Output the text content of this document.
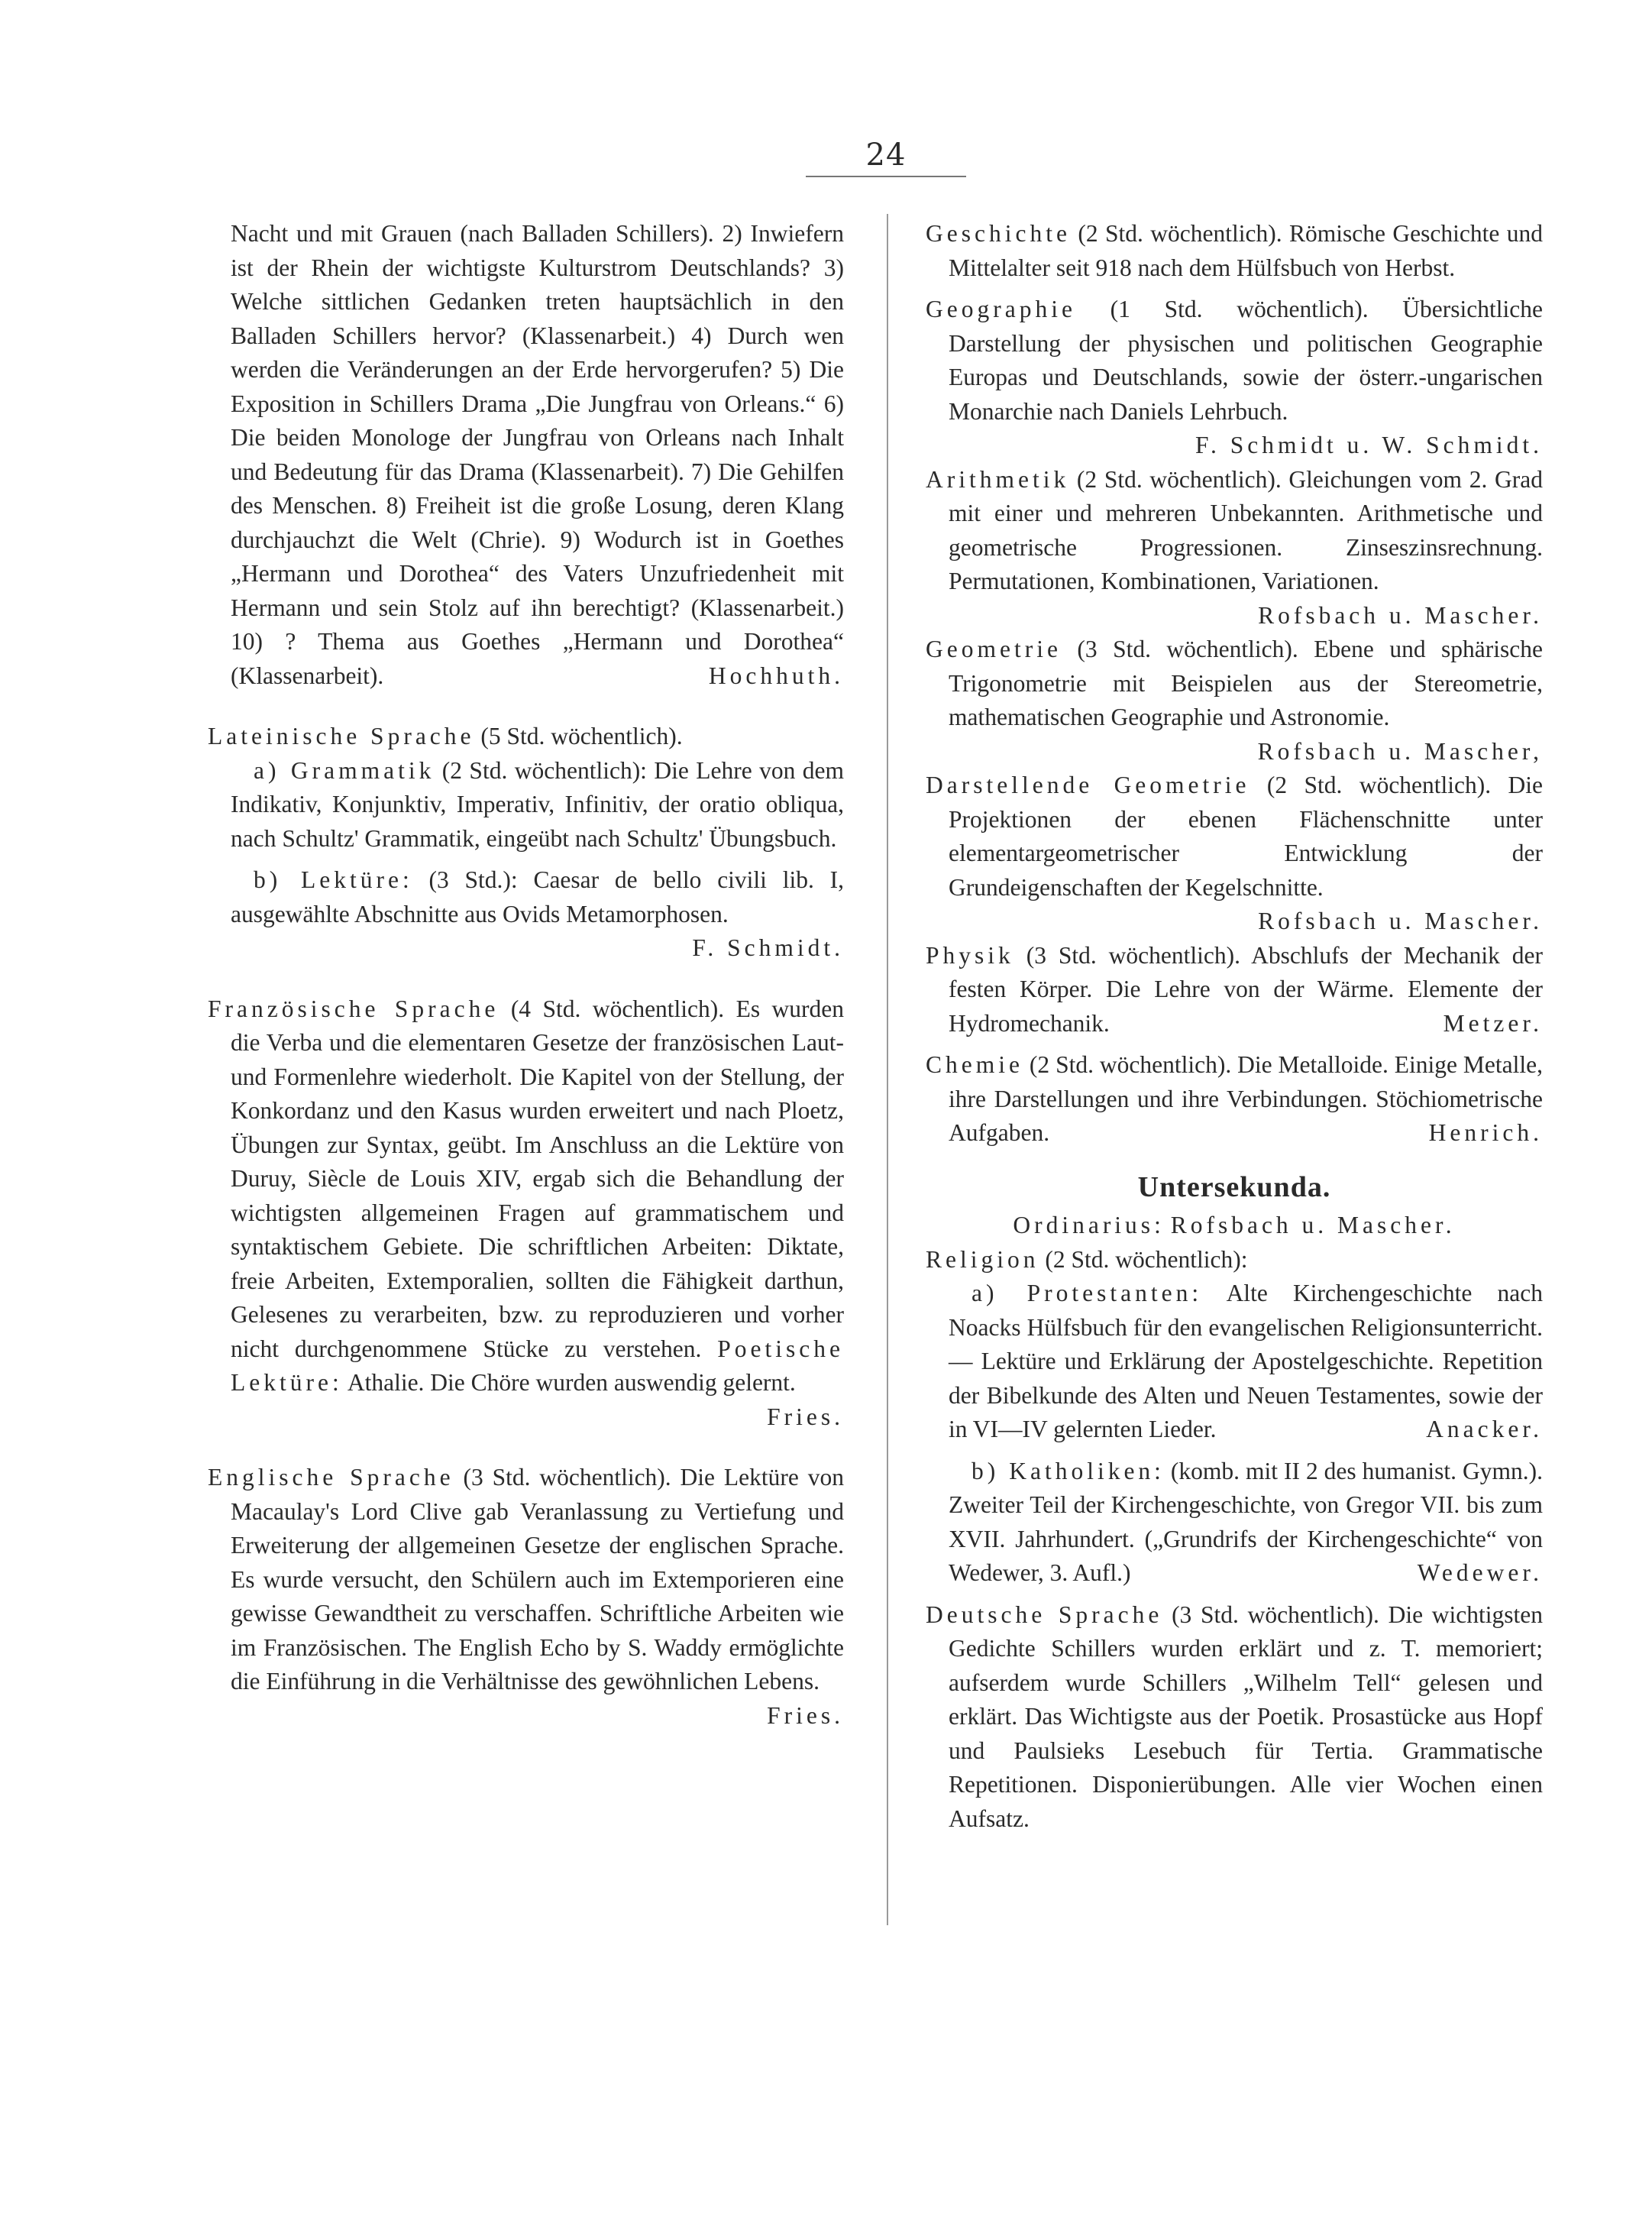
24

Nacht und mit Grauen (nach Balladen Schillers). 2) Inwiefern ist der Rhein der wichtigste Kulturstrom Deutschlands? 3) Welche sittlichen Gedanken treten hauptsächlich in den Balladen Schillers hervor? (Klassenarbeit.) 4) Durch wen werden die Veränderungen an der Erde hervorgerufen? 5) Die Exposition in Schillers Drama „Die Jungfrau von Orleans.“ 6) Die beiden Monologe der Jungfrau von Orleans nach Inhalt und Bedeutung für das Drama (Klassenarbeit). 7) Die Gehilfen des Menschen. 8) Freiheit ist die große Losung, deren Klang durchjauchzt die Welt (Chrie). 9) Wodurch ist in Goethes „Hermann und Dorothea“ des Vaters Unzufriedenheit mit Hermann und sein Stolz auf ihn berechtigt? (Klassenarbeit.) 10) ? Thema aus Goethes „Hermann und Dorothea“ (Klassenarbeit).	Hochhuth.

Lateinische Sprache (5 Std. wöchentlich).

a) Grammatik (2 Std. wöchentlich): Die Lehre von dem Indikativ, Konjunktiv, Imperativ, Infinitiv, der oratio obliqua, nach Schultz' Grammatik, eingeübt nach Schultz' Übungsbuch.

b) Lektüre: (3 Std.): Caesar de bello civili lib. I, ausgewählte Abschnitte aus Ovids Metamorphosen.
F. Schmidt.

Französische Sprache (4 Std. wöchentlich). Es wurden die Verba und die elementaren Gesetze der französischen Laut- und Formenlehre wiederholt. Die Kapitel von der Stellung, der Konkordanz und den Kasus wurden erweitert und nach Ploetz, Übungen zur Syntax, geübt. Im Anschluss an die Lektüre von Duruy, Siècle de Louis XIV, ergab sich die Behandlung der wichtigsten allgemeinen Fragen auf grammatischem und syntaktischem Gebiete. Die schriftlichen Arbeiten: Diktate, freie Arbeiten, Extemporalien, sollten die Fähigkeit darthun, Gelesenes zu verarbeiten, bzw. zu reproduzieren und vorher nicht durchgenommene Stücke zu verstehen. Poetische Lektüre: Athalie. Die Chöre wurden auswendig gelernt.
Fries.

Englische Sprache (3 Std. wöchentlich). Die Lektüre von Macaulay's Lord Clive gab Veranlassung zu Vertiefung und Erweiterung der allgemeinen Gesetze der englischen Sprache. Es wurde versucht, den Schülern auch im Extemporieren eine gewisse Gewandtheit zu verschaffen. Schriftliche Arbeiten wie im Französischen. The English Echo by S. Waddy ermöglichte die Einführung in die Verhältnisse des gewöhnlichen Lebens.
Fries.

Geschichte (2 Std. wöchentlich). Römische Geschichte und Mittelalter seit 918 nach dem Hülfsbuch von Herbst.

Geographie (1 Std. wöchentlich). Übersichtliche Darstellung der physischen und politischen Geographie Europas und Deutschlands, sowie der österr.-ungarischen Monarchie nach Daniels Lehrbuch.
F. Schmidt u. W. Schmidt.

Arithmetik (2 Std. wöchentlich). Gleichungen vom 2. Grad mit einer und mehreren Unbekannten. Arithmetische und geometrische Progressionen. Zinseszinsrechnung. Permutationen, Kombinationen, Variationen.
Rofsbach u. Mascher.

Geometrie (3 Std. wöchentlich). Ebene und sphärische Trigonometrie mit Beispielen aus der Stereometrie, mathematischen Geographie und Astronomie.
Rofsbach u. Mascher,

Darstellende Geometrie (2 Std. wöchentlich). Die Projektionen der ebenen Flächenschnitte unter elementargeometrischer Entwicklung der Grundeigenschaften der Kegelschnitte.
Rofsbach u. Mascher.

Physik (3 Std. wöchentlich). Abschlufs der Mechanik der festen Körper. Die Lehre von der Wärme. Elemente der Hydromechanik.	Metzer.

Chemie (2 Std. wöchentlich). Die Metalloide. Einige Metalle, ihre Darstellungen und ihre Verbindungen. Stöchiometrische Aufgaben.	Henrich.

Untersekunda.

Ordinarius: Rofsbach u. Mascher.

Religion (2 Std. wöchentlich):

a) Protestanten: Alte Kirchengeschichte nach Noacks Hülfsbuch für den evangelischen Religionsunterricht. — Lektüre und Erklärung der Apostelgeschichte. Repetition der Bibelkunde des Alten und Neuen Testamentes, sowie der in VI—IV gelernten Lieder.	Anacker.

b) Katholiken: (komb. mit II 2 des humanist. Gymn.). Zweiter Teil der Kirchengeschichte, von Gregor VII. bis zum XVII. Jahrhundert. („Grundrifs der Kirchengeschichte“ von Wedewer, 3. Aufl.)	Wedewer.

Deutsche Sprache (3 Std. wöchentlich). Die wichtigsten Gedichte Schillers wurden erklärt und z. T. memoriert; aufserdem wurde Schillers „Wilhelm Tell“ gelesen und erklärt. Das Wichtigste aus der Poetik. Prosastücke aus Hopf und Paulsieks Lesebuch für Tertia. Grammatische Repetitionen. Disponierübungen. Alle vier Wochen einen Aufsatz.
